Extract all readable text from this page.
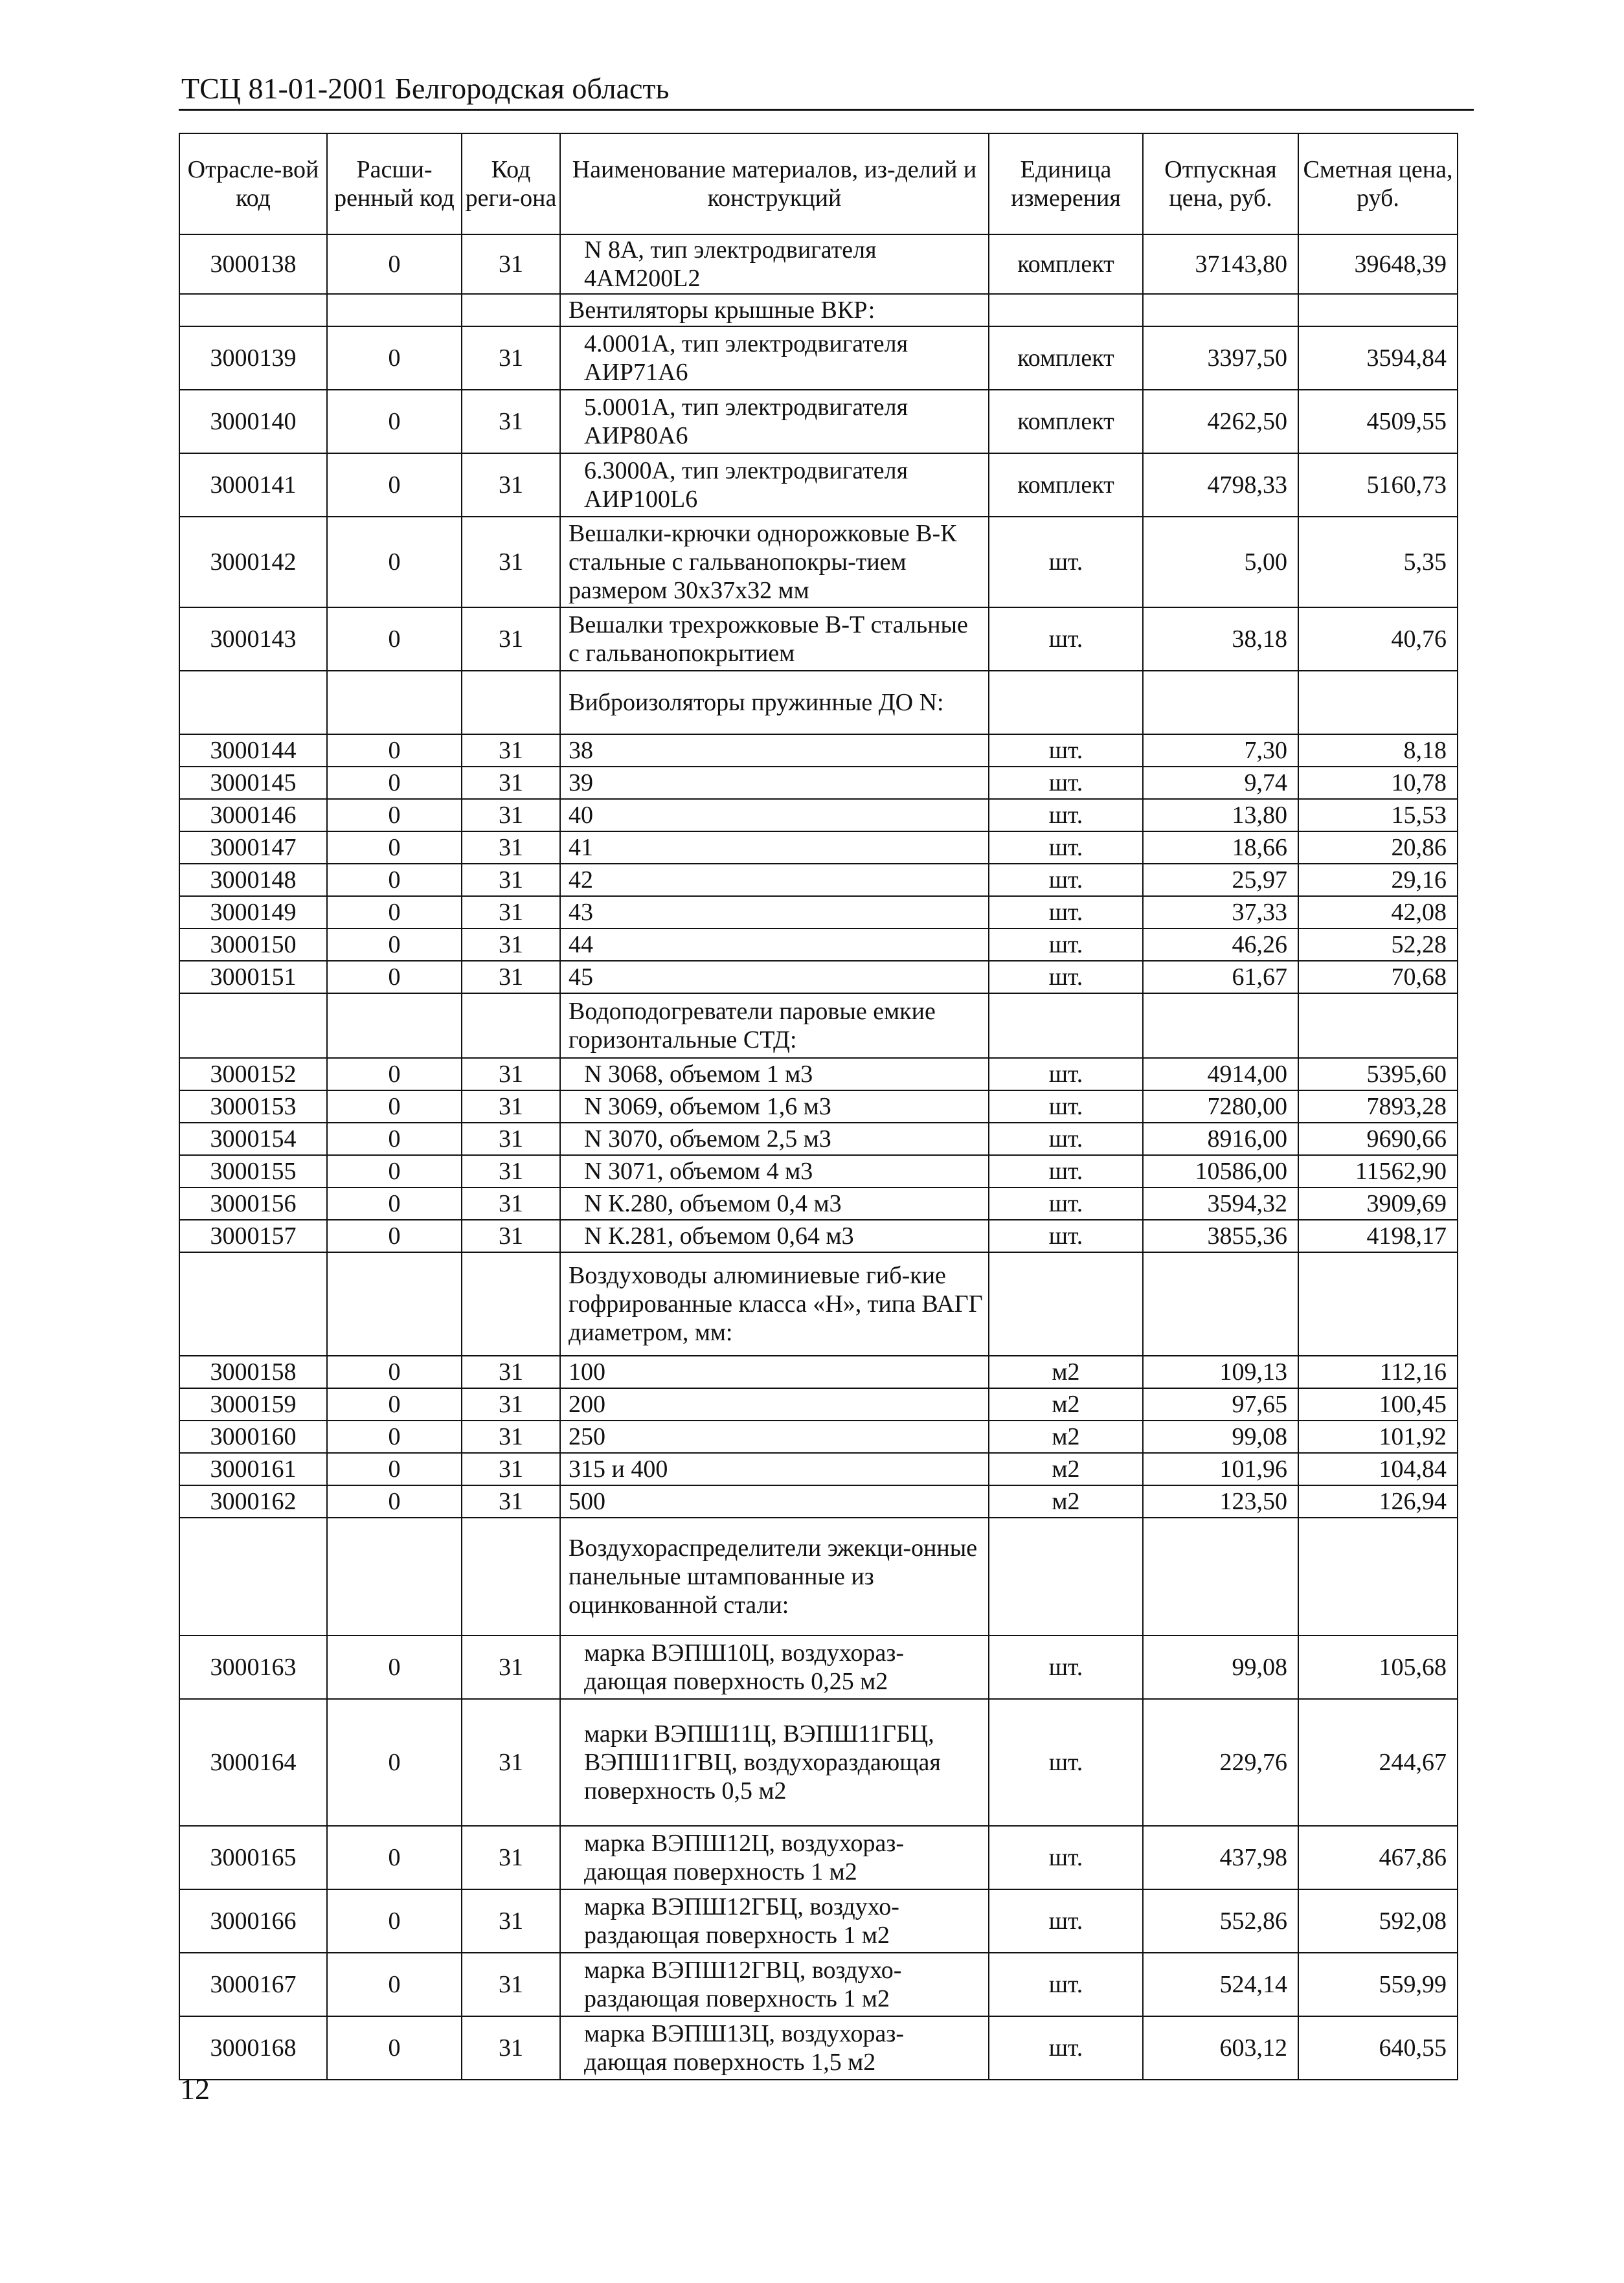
ТСЦ 81-01-2001 Белгородская область
Отрасле-вой код	Расши-ренный код	Код реги-она	Наименование материалов, из-делий и конструкций	Единица измерения	Отпускная цена, руб.	Сметная цена, руб.
3000138	0	31	N 8А, тип электродвигателя 4АМ200L2	комплект	37143,80	39648,39
			Вентиляторы крышные ВКР:			
3000139	0	31	4.0001А, тип электродвигателя АИР71А6	комплект	3397,50	3594,84
3000140	0	31	5.0001А, тип электродвигателя АИР80А6	комплект	4262,50	4509,55
3000141	0	31	6.3000А, тип электродвигателя АИР100L6	комплект	4798,33	5160,73
3000142	0	31	Вешалки-крючки однорожковые В-К стальные с гальванопокры-тием размером 30х37х32 мм	шт.	5,00	5,35
3000143	0	31	Вешалки трехрожковые В-Т стальные с гальванопокрытием	шт.	38,18	40,76
			Виброизоляторы пружинные ДО N:			
3000144	0	31	38	шт.	7,30	8,18
3000145	0	31	39	шт.	9,74	10,78
3000146	0	31	40	шт.	13,80	15,53
3000147	0	31	41	шт.	18,66	20,86
3000148	0	31	42	шт.	25,97	29,16
3000149	0	31	43	шт.	37,33	42,08
3000150	0	31	44	шт.	46,26	52,28
3000151	0	31	45	шт.	61,67	70,68
			Водоподогреватели паровые емкие горизонтальные СТД:			
3000152	0	31	N 3068, объемом 1 м3	шт.	4914,00	5395,60
3000153	0	31	N 3069, объемом 1,6 м3	шт.	7280,00	7893,28
3000154	0	31	N 3070, объемом 2,5 м3	шт.	8916,00	9690,66
3000155	0	31	N 3071, объемом 4 м3	шт.	10586,00	11562,90
3000156	0	31	N К.280, объемом 0,4 м3	шт.	3594,32	3909,69
3000157	0	31	N К.281, объемом 0,64 м3	шт.	3855,36	4198,17
			Воздуховоды алюминиевые гиб-кие гофрированные класса «Н», типа ВАГГ диаметром, мм:			
3000158	0	31	100	м2	109,13	112,16
3000159	0	31	200	м2	97,65	100,45
3000160	0	31	250	м2	99,08	101,92
3000161	0	31	315 и 400	м2	101,96	104,84
3000162	0	31	500	м2	123,50	126,94
			Воздухораспределители эжекци-онные панельные штампованные из оцинкованной стали:			
3000163	0	31	марка ВЭПШ10Ц, воздухораз-дающая поверхность 0,25 м2	шт.	99,08	105,68
3000164	0	31	марки ВЭПШ11Ц, ВЭПШ11ГБЦ, ВЭПШ11ГВЦ, воздухораздающая поверхность 0,5 м2	шт.	229,76	244,67
3000165	0	31	марка ВЭПШ12Ц, воздухораз-дающая поверхность 1 м2	шт.	437,98	467,86
3000166	0	31	марка ВЭПШ12ГБЦ, воздухо-раздающая поверхность 1 м2	шт.	552,86	592,08
3000167	0	31	марка ВЭПШ12ГВЦ, воздухо-раздающая поверхность 1 м2	шт.	524,14	559,99
3000168	0	31	марка ВЭПШ13Ц, воздухораз-дающая поверхность 1,5 м2	шт.	603,12	640,55
12
